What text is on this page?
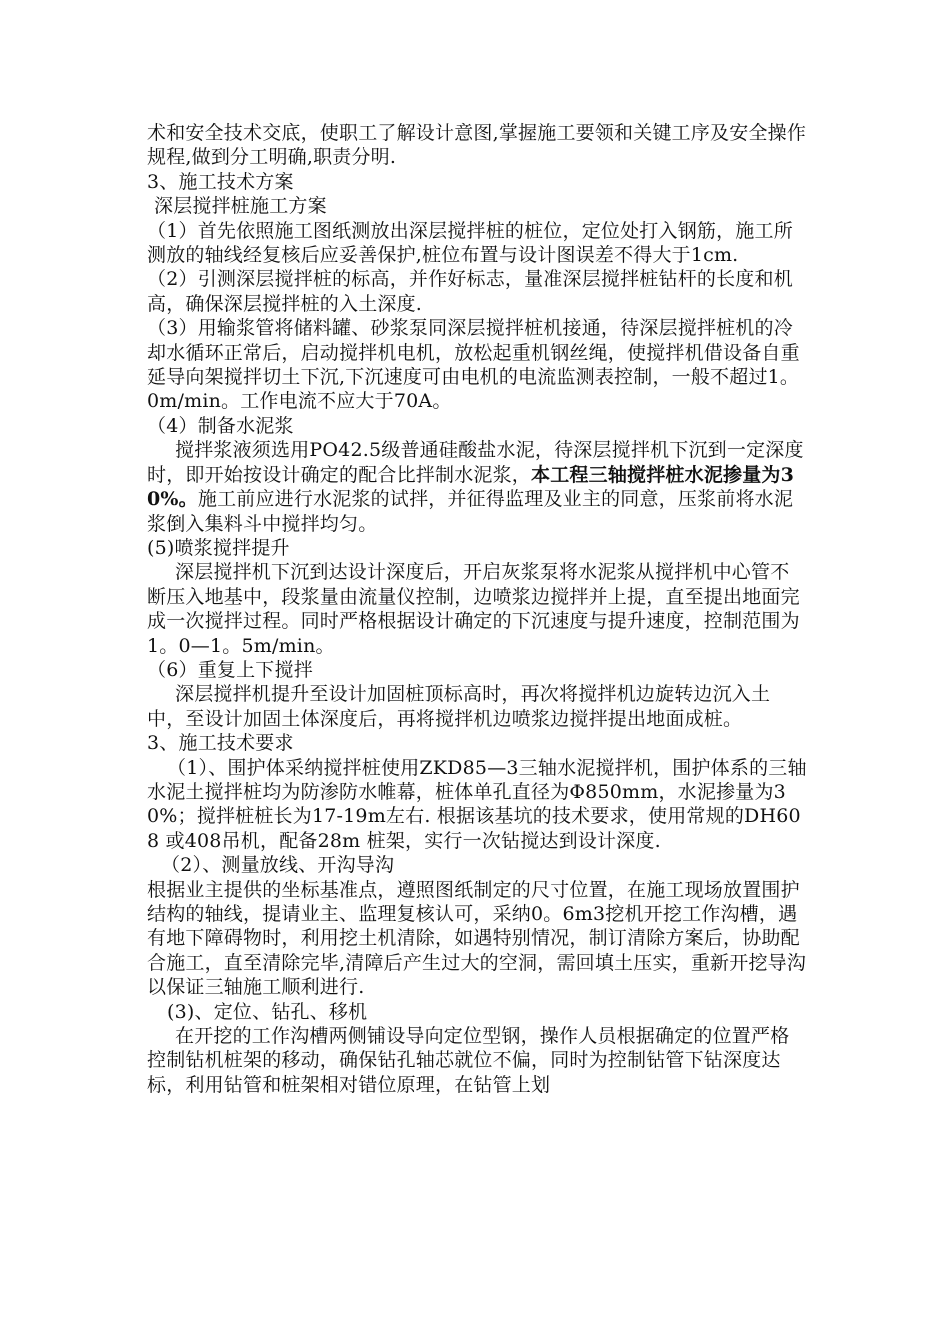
术和安全技术交底，使职工了解设计意图,掌握施工要领和关键工序及安全操作规程,做到分工明确,职责分明.

3、施工技术方案

深层搅拌桩施工方案

（1）首先依照施工图纸测放出深层搅拌桩的桩位，定位处打入钢筋，施工所测放的轴线经复核后应妥善保护,桩位布置与设计图误差不得大于1cm.

（2）引测深层搅拌桩的标高，并作好标志，量准深层搅拌桩钻杆的长度和机高，确保深层搅拌桩的入土深度.

（3）用输浆管将储料罐、砂浆泵同深层搅拌桩机接通，待深层搅拌桩机的冷却水循环正常后，启动搅拌机电机，放松起重机钢丝绳，使搅拌机借设备自重延导向架搅拌切土下沉,下沉速度可由电机的电流监测表控制，一般不超过1。0m/min。工作电流不应大于70A。

（4）制备水泥浆

搅拌浆液须选用PO42.5级普通硅酸盐水泥，待深层搅拌机下沉到一定深度时，即开始按设计确定的配合比拌制水泥浆，本工程三轴搅拌桩水泥掺量为30%。施工前应进行水泥浆的试拌，并征得监理及业主的同意，压浆前将水泥浆倒入集料斗中搅拌均匀。

(5)喷浆搅拌提升

深层搅拌机下沉到达设计深度后，开启灰浆泵将水泥浆从搅拌机中心管不断压入地基中，段浆量由流量仪控制，边喷浆边搅拌并上提，直至提出地面完成一次搅拌过程。同时严格根据设计确定的下沉速度与提升速度，控制范围为1。0—1。5m/min。

（6）重复上下搅拌

深层搅拌机提升至设计加固桩顶标高时，再次将搅拌机边旋转边沉入土中，至设计加固土体深度后，再将搅拌机边喷浆边搅拌提出地面成桩。

3、施工技术要求

（1）、围护体采纳搅拌桩使用ZKD85—3三轴水泥搅拌机，围护体系的三轴水泥土搅拌桩均为防渗防水帷幕，桩体单孔直径为Φ850mm，水泥掺量为30%；搅拌桩桩长为17-19m左右. 根据该基坑的技术要求，使用常规的DH608 或408吊机，配备28m 桩架，实行一次钻搅达到设计深度.

（2）、测量放线、开沟导沟

根据业主提供的坐标基准点，遵照图纸制定的尺寸位置，在施工现场放置围护结构的轴线，提请业主、监理复核认可，采纳0。6m3挖机开挖工作沟槽，遇有地下障碍物时，利用挖土机清除，如遇特别情况，制订清除方案后，协助配合施工，直至清除完毕,清障后产生过大的空洞，需回填土压实，重新开挖导沟以保证三轴施工顺利进行.

(3)、定位、钻孔、移机

在开挖的工作沟槽两侧铺设导向定位型钢，操作人员根据确定的位置严格控制钻机桩架的移动，确保钻孔轴芯就位不偏，同时为控制钻管下钻深度达标，利用钻管和桩架相对错位原理，在钻管上划
